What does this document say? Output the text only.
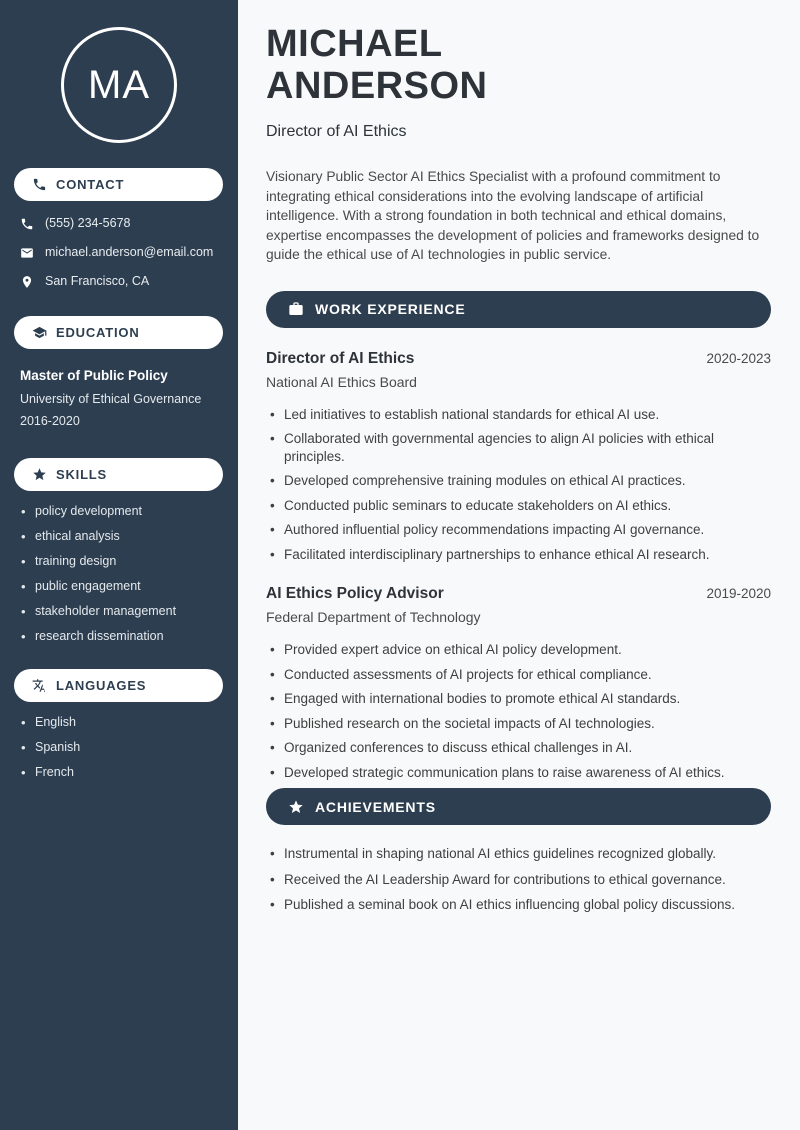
MA
CONTACT
(555) 234-5678
michael.anderson@email.com
San Francisco, CA
EDUCATION
Master of Public Policy
University of Ethical Governance
2016-2020
SKILLS
• policy development
• ethical analysis
• training design
• public engagement
• stakeholder management
• research dissemination
LANGUAGES
• English
• Spanish
• French
MICHAEL
ANDERSON
Director of AI Ethics

Visionary Public Sector AI Ethics Specialist with a profound commitment to integrating ethical considerations into the evolving landscape of artificial intelligence. With a strong foundation in both technical and ethical domains, expertise encompasses the development of policies and frameworks designed to guide the ethical use of AI technologies in public service.

WORK EXPERIENCE
Director of AI Ethics	2020-2023
National AI Ethics Board
• Led initiatives to establish national standards for ethical AI use.
• Collaborated with governmental agencies to align AI policies with ethical principles.
• Developed comprehensive training modules on ethical AI practices.
• Conducted public seminars to educate stakeholders on AI ethics.
• Authored influential policy recommendations impacting AI governance.
• Facilitated interdisciplinary partnerships to enhance ethical AI research.
AI Ethics Policy Advisor	2019-2020
Federal Department of Technology
• Provided expert advice on ethical AI policy development.
• Conducted assessments of AI projects for ethical compliance.
• Engaged with international bodies to promote ethical AI standards.
• Published research on the societal impacts of AI technologies.
• Organized conferences to discuss ethical challenges in AI.
• Developed strategic communication plans to raise awareness of AI ethics.
ACHIEVEMENTS
• Instrumental in shaping national AI ethics guidelines recognized globally.
• Received the AI Leadership Award for contributions to ethical governance.
• Published a seminal book on AI ethics influencing global policy discussions.
